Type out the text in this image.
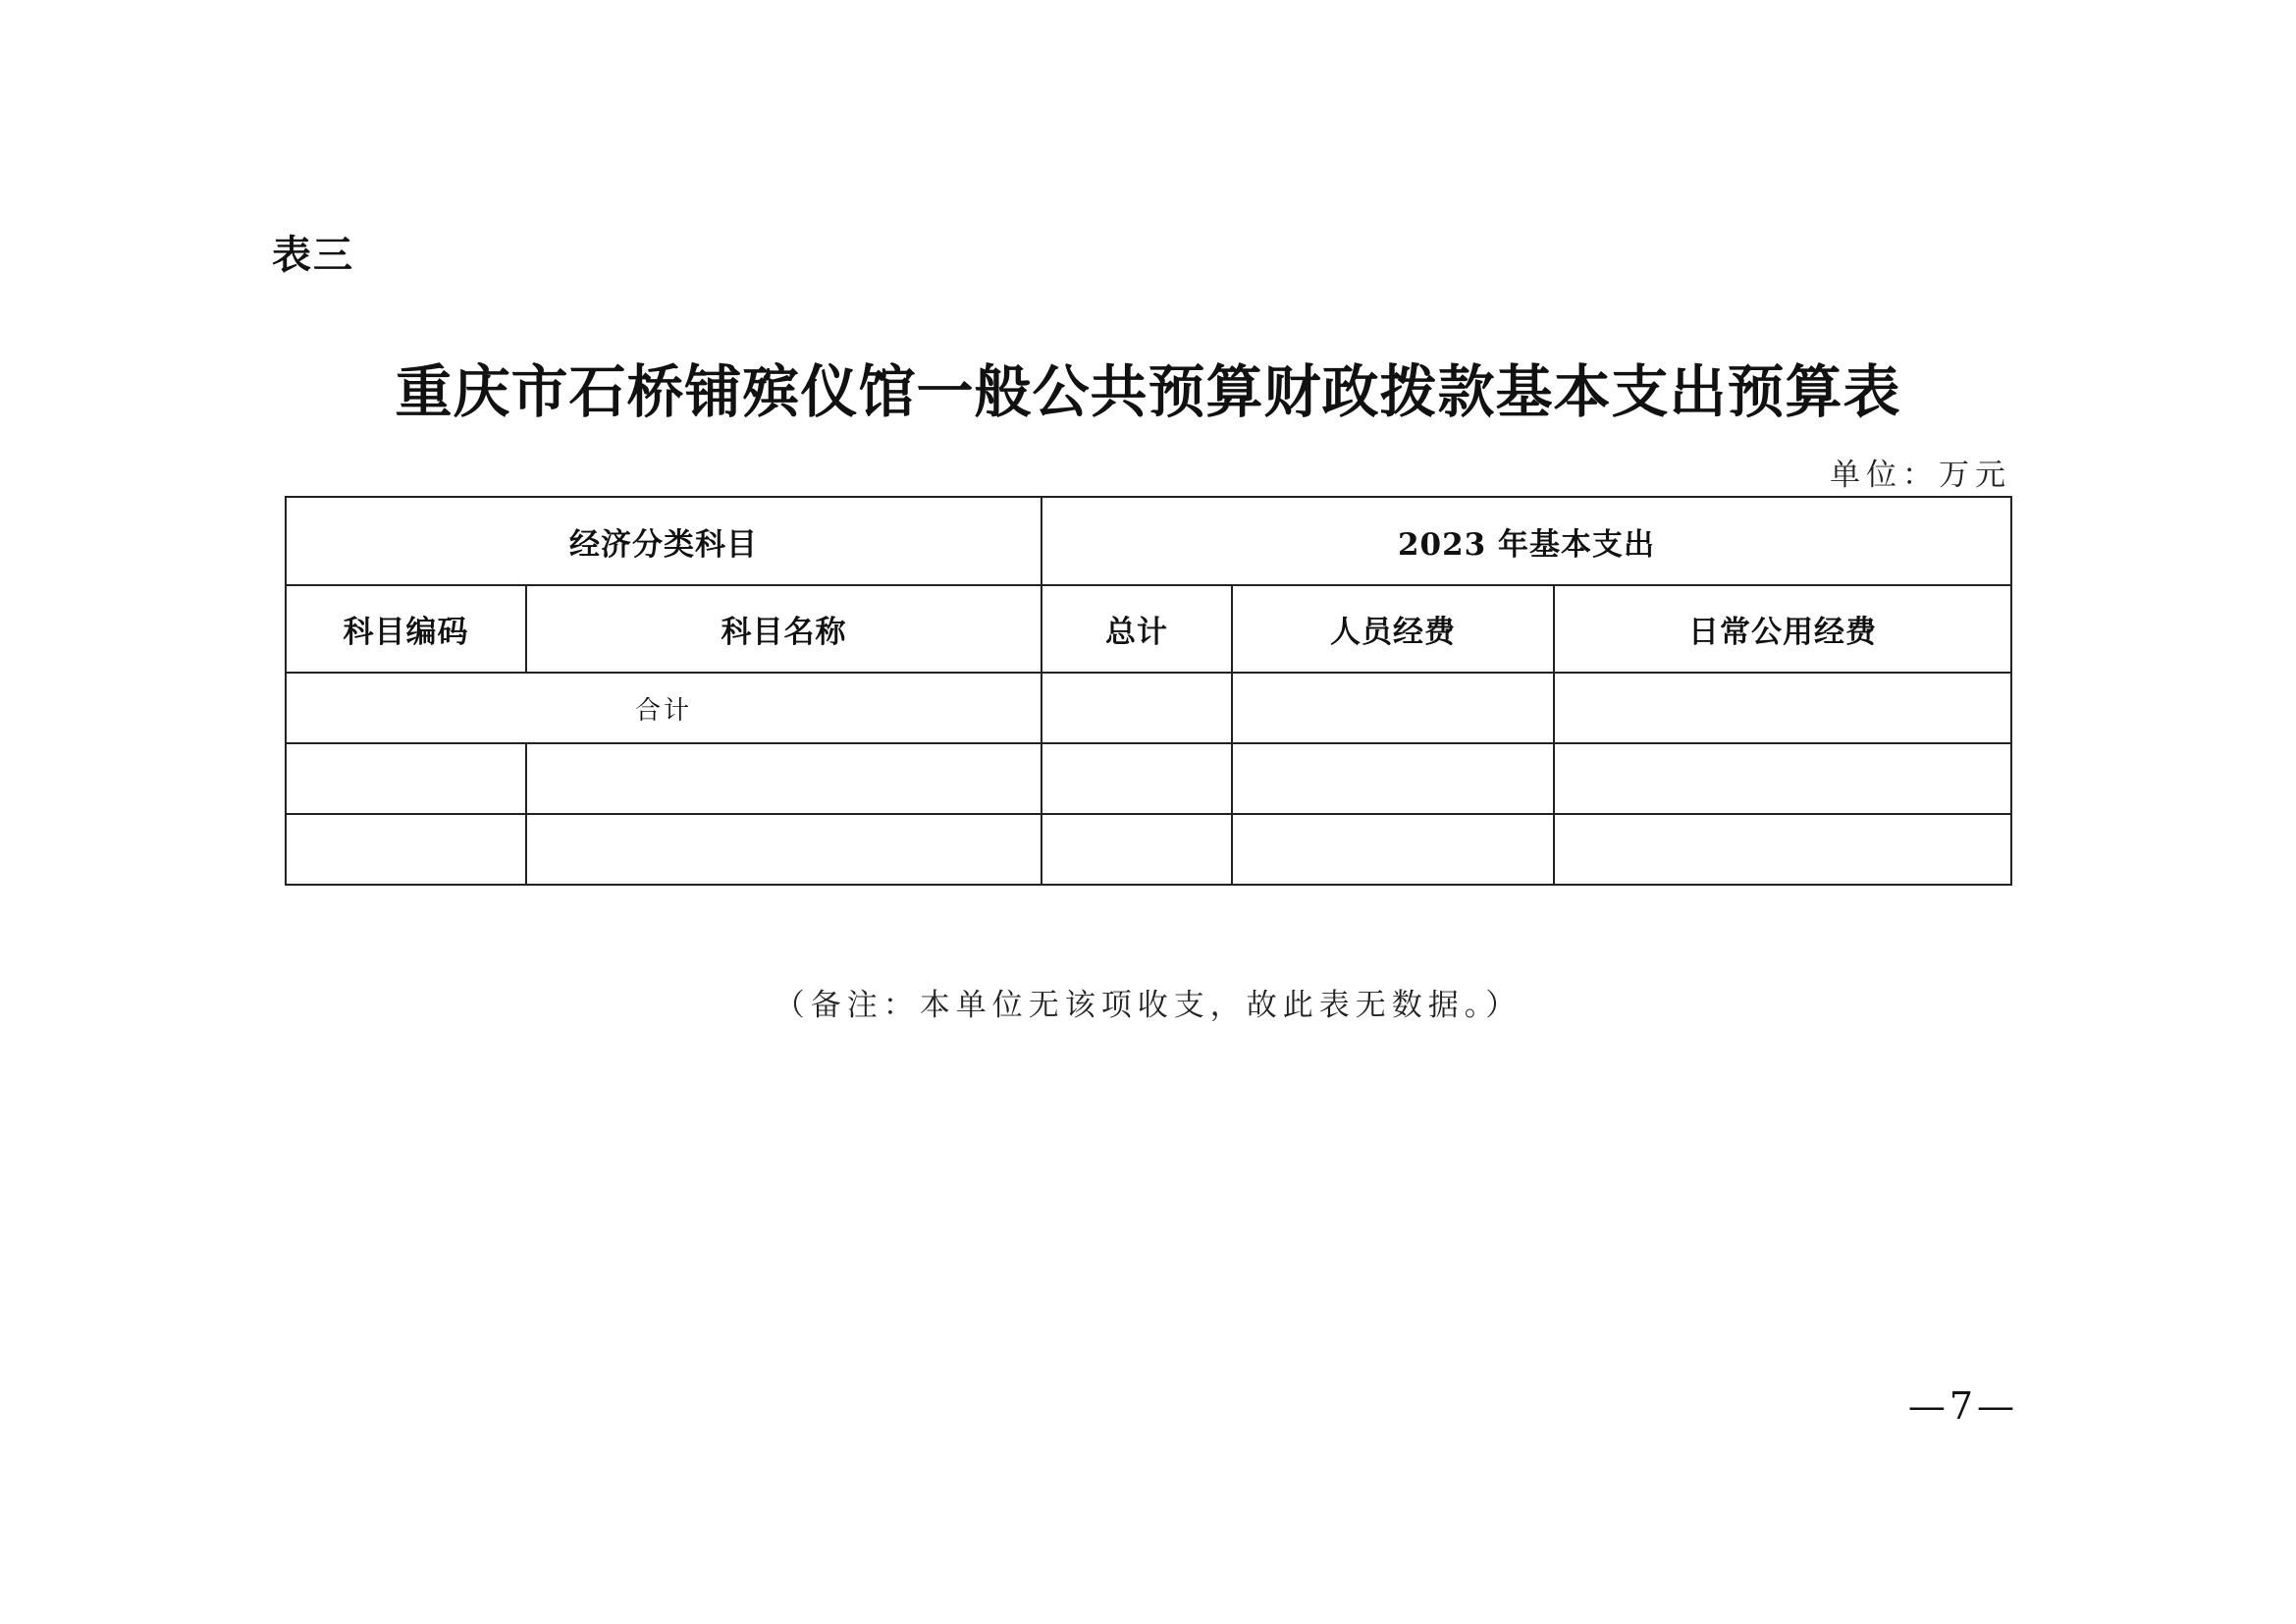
表三
重庆市石桥铺殡仪馆一般公共预算财政拨款基本支出预算表
单位：万元
经济分类科目		2023 年基本支出		
科目编码	科目名称	总计	人员经费	日常公用经费
合计				

（备注：本单位无该项收支，故此表无数据。）
—7—
